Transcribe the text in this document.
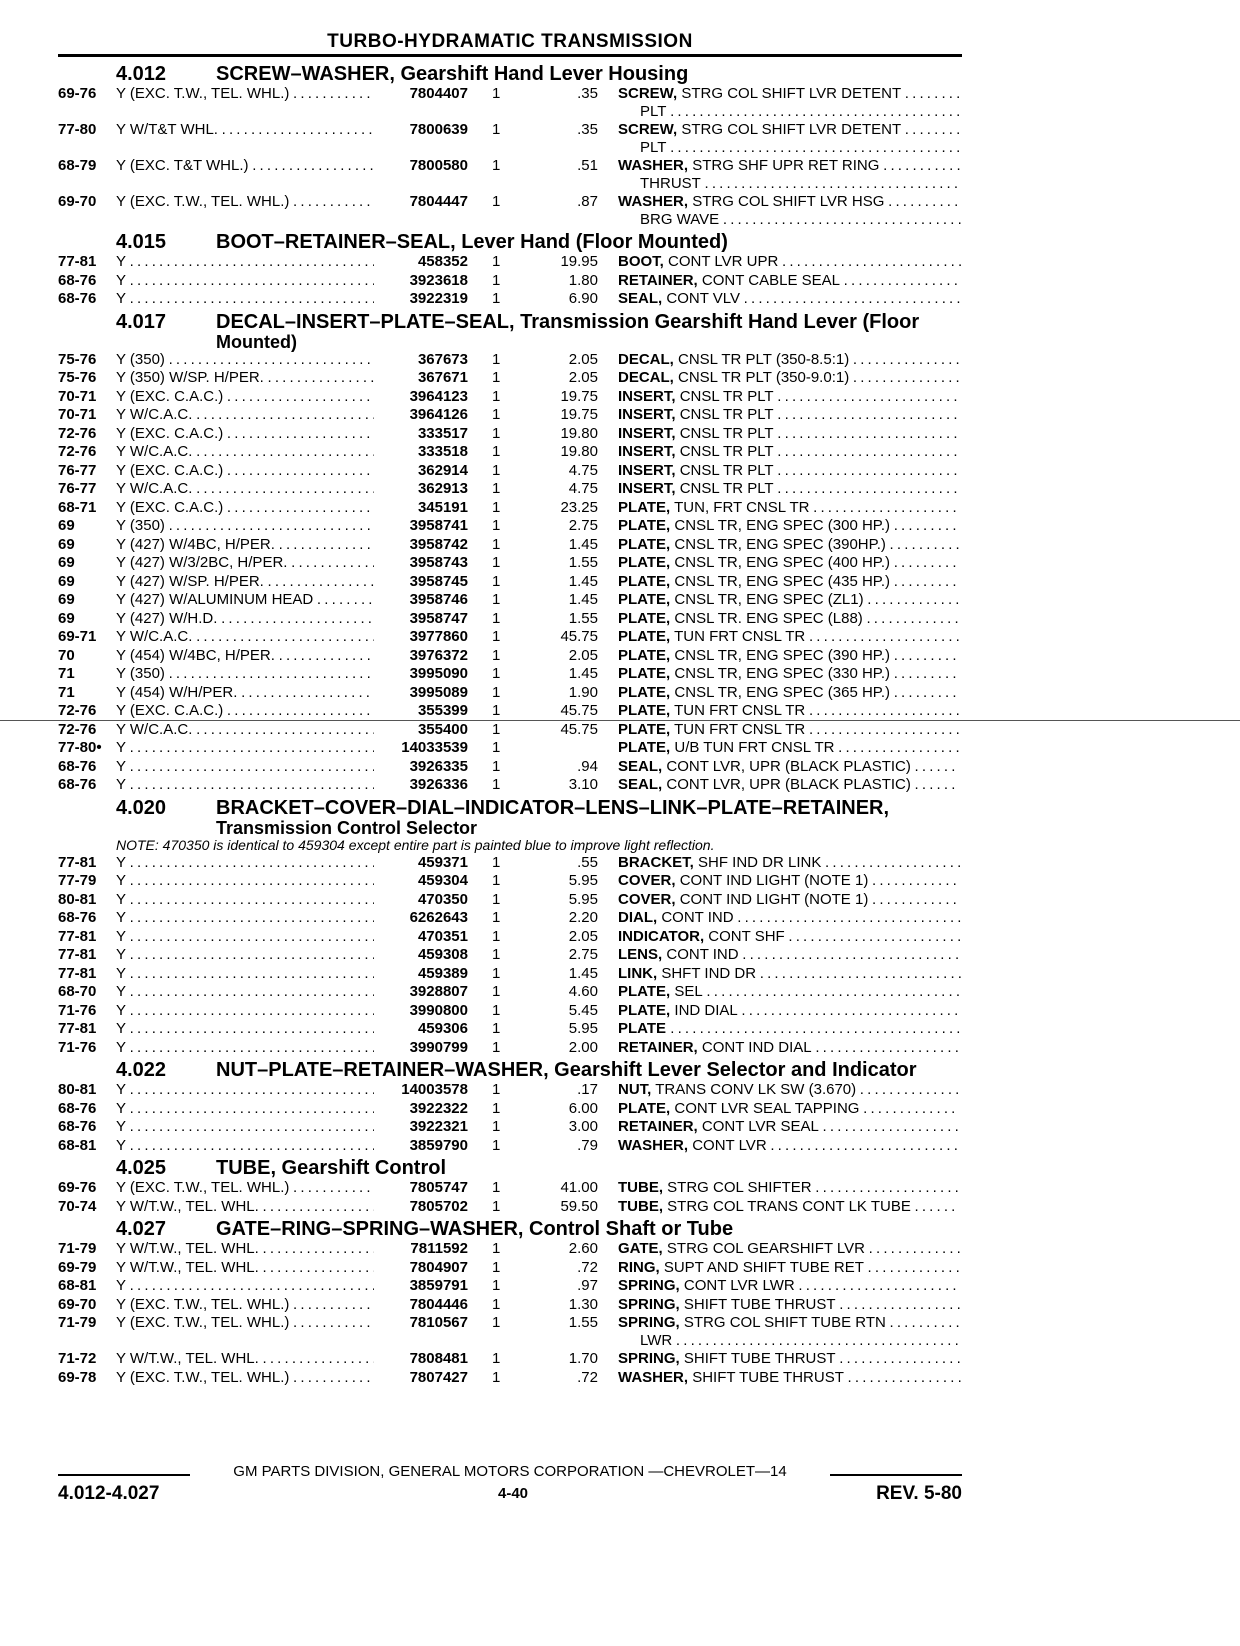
TURBO-HYDRAMATIC TRANSMISSION
4.012 SCREW–WASHER, Gearshift Hand Lever Housing
69-76	Y (EXC. T.W., TEL. WHL.) . . .	7804407 1	.35 SCREW, STRG COL SHIFT LVR DETENT . . .
PLT . . .
77-80	Y W/T&T WHL. . . .	7800639 1	.35 SCREW, STRG COL SHIFT LVR DETENT . . .
PLT . . .
68-79	Y (EXC. T&T WHL.) . . .	7800580 1	.51 WASHER, STRG SHF UPR RET RING . . .
THRUST . . .
69-70	Y (EXC. T.W., TEL. WHL.) . . .	7804447 1	.87 WASHER, STRG COL SHIFT LVR HSG . . .
BRG WAVE . . .
4.015 BOOT–RETAINER–SEAL, Lever Hand (Floor Mounted)
77-81	Y . . .	458352 1	19.95 BOOT, CONT LVR UPR . . .
68-76	Y . . .	3923618 1	1.80 RETAINER, CONT CABLE SEAL . . .
68-76	Y . . .	3922319 1	6.90 SEAL, CONT VLV . . .
4.017 DECAL–INSERT–PLATE–SEAL, Transmission Gearshift Hand Lever (Floor
Mounted)
75-76	Y (350) . . .	367673 1	2.05 DECAL, CNSL TR PLT (350-8.5:1) . . .
75-76	Y (350) W/SP. H/PER. . . .	367671 1	2.05 DECAL, CNSL TR PLT (350-9.0:1) . . .
70-71	Y (EXC. C.A.C.) . . .	3964123 1	19.75 INSERT, CNSL TR PLT . . .
70-71	Y W/C.A.C. . . .	3964126 1	19.75 INSERT, CNSL TR PLT . . .
72-76	Y (EXC. C.A.C.) . . .	333517 1	19.80 INSERT, CNSL TR PLT . . .
72-76	Y W/C.A.C. . . .	333518 1	19.80 INSERT, CNSL TR PLT . . .
76-77	Y (EXC. C.A.C.) . . .	362914 1	4.75 INSERT, CNSL TR PLT . . .
76-77	Y W/C.A.C. . . .	362913 1	4.75 INSERT, CNSL TR PLT . . .
68-71	Y (EXC. C.A.C.) . . .	345191 1	23.25 PLATE, TUN, FRT CNSL TR . . .
69	Y (350) . . .	3958741 1	2.75 PLATE, CNSL TR, ENG SPEC (300 HP.) . . .
69	Y (427) W/4BC, H/PER. . . .	3958742 1	1.45 PLATE, CNSL TR, ENG SPEC (390HP.) . . .
69	Y (427) W/3/2BC, H/PER. . . .	3958743 1	1.55 PLATE, CNSL TR, ENG SPEC (400 HP.) . . .
69	Y (427) W/SP. H/PER. . . .	3958745 1	1.45 PLATE, CNSL TR, ENG SPEC (435 HP.) . . .
69	Y (427) W/ALUMINUM HEAD . . .	3958746 1	1.45 PLATE, CNSL TR, ENG SPEC (ZL1) . . .
69	Y (427) W/H.D. . . .	3958747 1	1.55 PLATE, CNSL TR. ENG SPEC (L88) . . .
69-71	Y W/C.A.C. . . .	3977860 1	45.75 PLATE, TUN FRT CNSL TR . . .
70	Y (454) W/4BC, H/PER. . . .	3976372 1	2.05 PLATE, CNSL TR, ENG SPEC (390 HP.) . . .
71	Y (350) . . .	3995090 1	1.45 PLATE, CNSL TR, ENG SPEC (330 HP.) . . .
71	Y (454) W/H/PER. . . .	3995089 1	1.90 PLATE, CNSL TR, ENG SPEC (365 HP.) . . .
72-76	Y (EXC. C.A.C.) . . .	355399 1	45.75 PLATE, TUN FRT CNSL TR . . .
72-76	Y W/C.A.C. . . .	355400 1	45.75 PLATE, TUN FRT CNSL TR . . .
77-80• Y . . .	14033539 1	PLATE, U/B TUN FRT CNSL TR . . .
68-76	Y . . .	3926335 1	.94 SEAL, CONT LVR, UPR (BLACK PLASTIC) . . .
68-76	Y . . .	3926336 1	3.10 SEAL, CONT LVR, UPR (BLACK PLASTIC) . . .
4.020 BRACKET–COVER–DIAL–INDICATOR–LENS–LINK–PLATE–RETAINER,
Transmission Control Selector
NOTE: 470350 is identical to 459304 except entire part is painted blue to improve light reflection.
77-81	Y . . .	459371 1	.55 BRACKET, SHF IND DR LINK . . .
77-79	Y . . .	459304 1	5.95 COVER, CONT IND LIGHT (NOTE 1) . . .
80-81	Y . . .	470350 1	5.95 COVER, CONT IND LIGHT (NOTE 1) . . .
68-76	Y . . .	6262643 1	2.20 DIAL, CONT IND . . .
77-81	Y . . .	470351 1	2.05 INDICATOR, CONT SHF . . .
77-81	Y . . .	459308 1	2.75 LENS, CONT IND . . .
77-81	Y . . .	459389 1	1.45 LINK, SHFT IND DR . . .
68-70	Y . . .	3928807 1	4.60 PLATE, SEL . . .
71-76	Y . . .	3990800 1	5.45 PLATE, IND DIAL . . .
77-81	Y . . .	459306 1	5.95 PLATE . . .
71-76	Y . . .	3990799 1	2.00 RETAINER, CONT IND DIAL . . .
4.022 NUT–PLATE–RETAINER–WASHER, Gearshift Lever Selector and Indicator
80-81	Y . . .	14003578 1	.17 NUT, TRANS CONV LK SW (3.670) . . .
68-76	Y . . .	3922322 1	6.00 PLATE, CONT LVR SEAL TAPPING . . .
68-76	Y . . .	3922321 1	3.00 RETAINER, CONT LVR SEAL . . .
68-81	Y . . .	3859790 1	.79 WASHER, CONT LVR . . .
4.025 TUBE, Gearshift Control
69-76	Y (EXC. T.W., TEL. WHL.) . . .	7805747 1	41.00 TUBE, STRG COL SHIFTER . . .
70-74	Y W/T.W., TEL. WHL. . . .	7805702 1	59.50 TUBE, STRG COL TRANS CONT LK TUBE . . .
4.027 GATE–RING–SPRING–WASHER, Control Shaft or Tube
71-79	Y W/T.W., TEL. WHL. . . .	7811592 1	2.60 GATE, STRG COL GEARSHIFT LVR . . .
69-79	Y W/T.W., TEL. WHL. . . .	7804907 1	.72 RING, SUPT AND SHIFT TUBE RET . . .
68-81	Y . . .	3859791 1	.97 SPRING, CONT LVR LWR . . .
69-70	Y (EXC. T.W., TEL. WHL.) . . .	7804446 1	1.30 SPRING, SHIFT TUBE THRUST . . .
71-79	Y (EXC. T.W., TEL. WHL.) . . .	7810567 1	1.55 SPRING, STRG COL SHIFT TUBE RTN . . .
LWR . . .
71-72	Y W/T.W., TEL. WHL. . . .	7808481 1	1.70 SPRING, SHIFT TUBE THRUST . . .
69-78	Y (EXC. T.W., TEL. WHL.) . . .	7807427 1	.72 WASHER, SHIFT TUBE THRUST . . .
GM PARTS DIVISION, GENERAL MOTORS CORPORATION —CHEVROLET—14
4.012-4.027	4-40	REV. 5-80
